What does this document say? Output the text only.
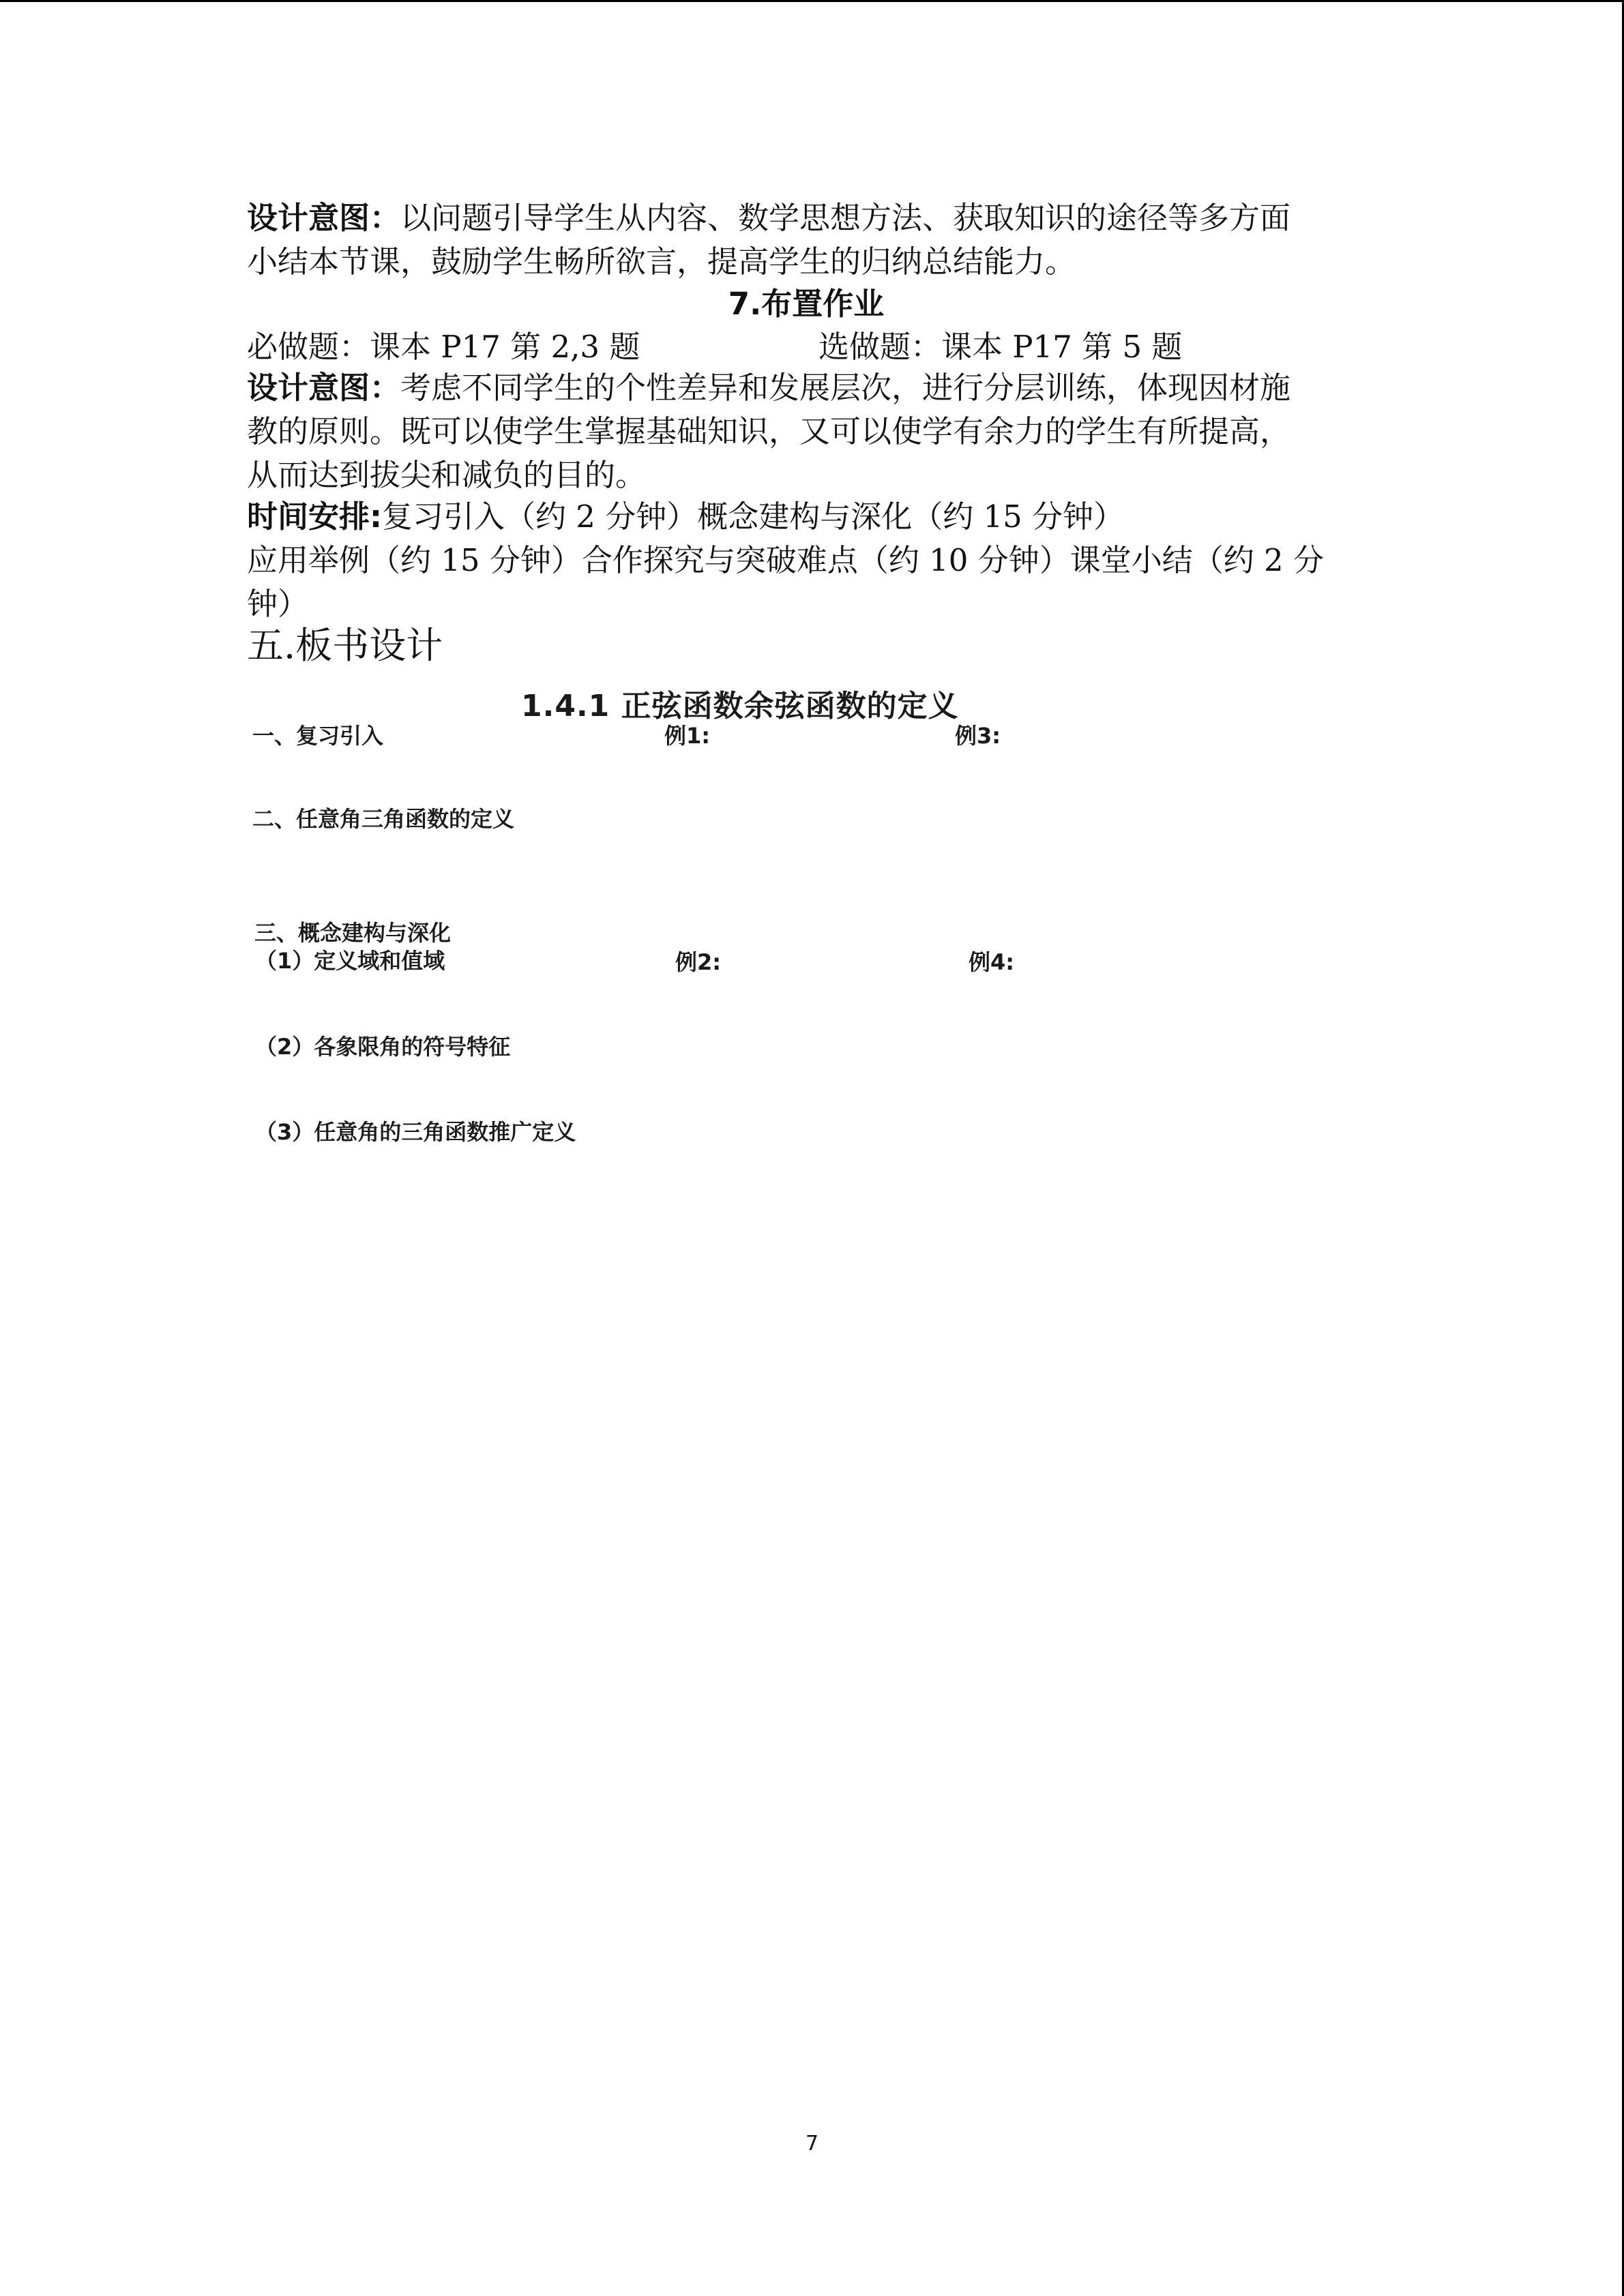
设计意图：以问题引导学生从内容、数学思想方法、获取知识的途径等多方面
小结本节课，鼓励学生畅所欲言，提高学生的归纳总结能力。
7.布置作业
必做题：课本 P17 第 2,3 题	选做题：课本 P17 第 5 题
设计意图：考虑不同学生的个性差异和发展层次，进行分层训练，体现因材施
教的原则。既可以使学生掌握基础知识，又可以使学有余力的学生有所提高，
从而达到拔尖和减负的目的。
时间安排:复习引入（约 2 分钟）概念建构与深化（约 15 分钟）
应用举例（约 15 分钟）合作探究与突破难点（约 10 分钟）课堂小结（约 2 分
钟）
五.板书设计
1.4.1 正弦函数余弦函数的定义
一、复习引入	例1:	例3:
二、任意角三角函数的定义
三、概念建构与深化
（1）定义域和值域	例2:	例4:
（2）各象限角的符号特征
（3）任意角的三角函数推广定义
7
